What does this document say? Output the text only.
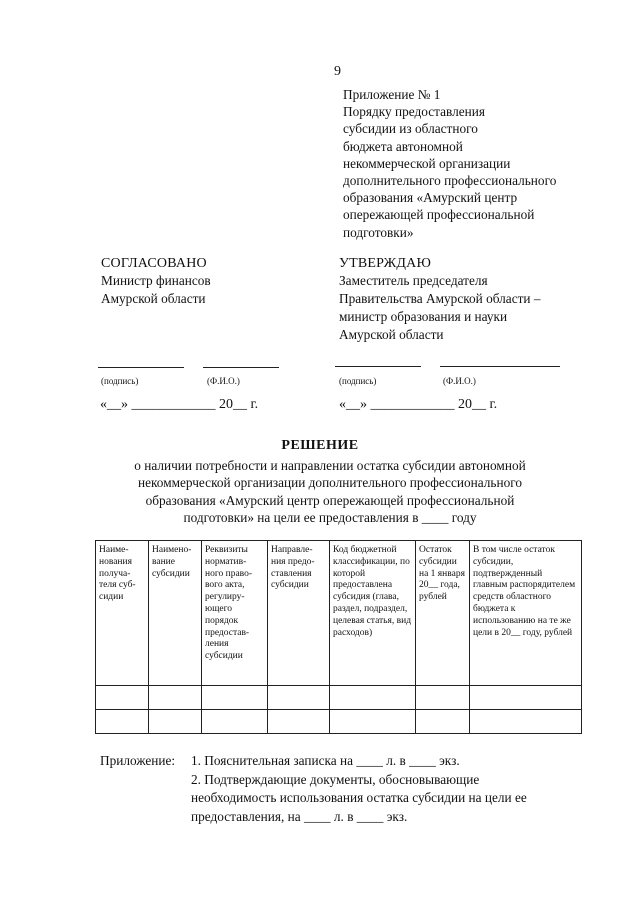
9
Приложение № 1
Порядку предоставления
субсидии из областного
бюджета автономной
некоммерческой организации
дополнительного профессионального
образования «Амурский центр
опережающей профессиональной
подготовки»
СОГЛАСОВАНО
Министр финансов
Амурской области
УТВЕРЖДАЮ
Заместитель председателя
Правительства Амурской области –
министр образования и науки
Амурской области
(подпись)	(Ф.И.О.)	(подпись)	(Ф.И.О.)
«__» ____________ 20__ г.	«__» ____________ 20__ г.
РЕШЕНИЕ
о наличии потребности и направлении остатка субсидии автономной
некоммерческой организации дополнительного профессионального
образования «Амурский центр опережающей профессиональной
подготовки» на цели ее предоставления в ____ году
Наиме-нования получа-теля суб-сидии	Наимено-вание субсидии	Реквизиты норматив-ного право-вого акта, регулиру-ющего порядок предостав-ления субсидии	Направле-ния предо-ставления субсидии	Код бюджетной классификации, по которой предоставлена субсидия (глава, раздел, подраздел, целевая статья, вид расходов)	Остаток субсидии на 1 января 20__ года, рублей	В том числе остаток субсидии, подтвержденный главным распорядителем средств областного бюджета к использованию на те же цели в 20__ году, рублей

Приложение: 1. Пояснительная записка на ____ л. в ____ экз.
2. Подтверждающие документы, обосновывающие
необходимость использования остатка субсидии на цели ее
предоставления, на ____ л. в ____ экз.
